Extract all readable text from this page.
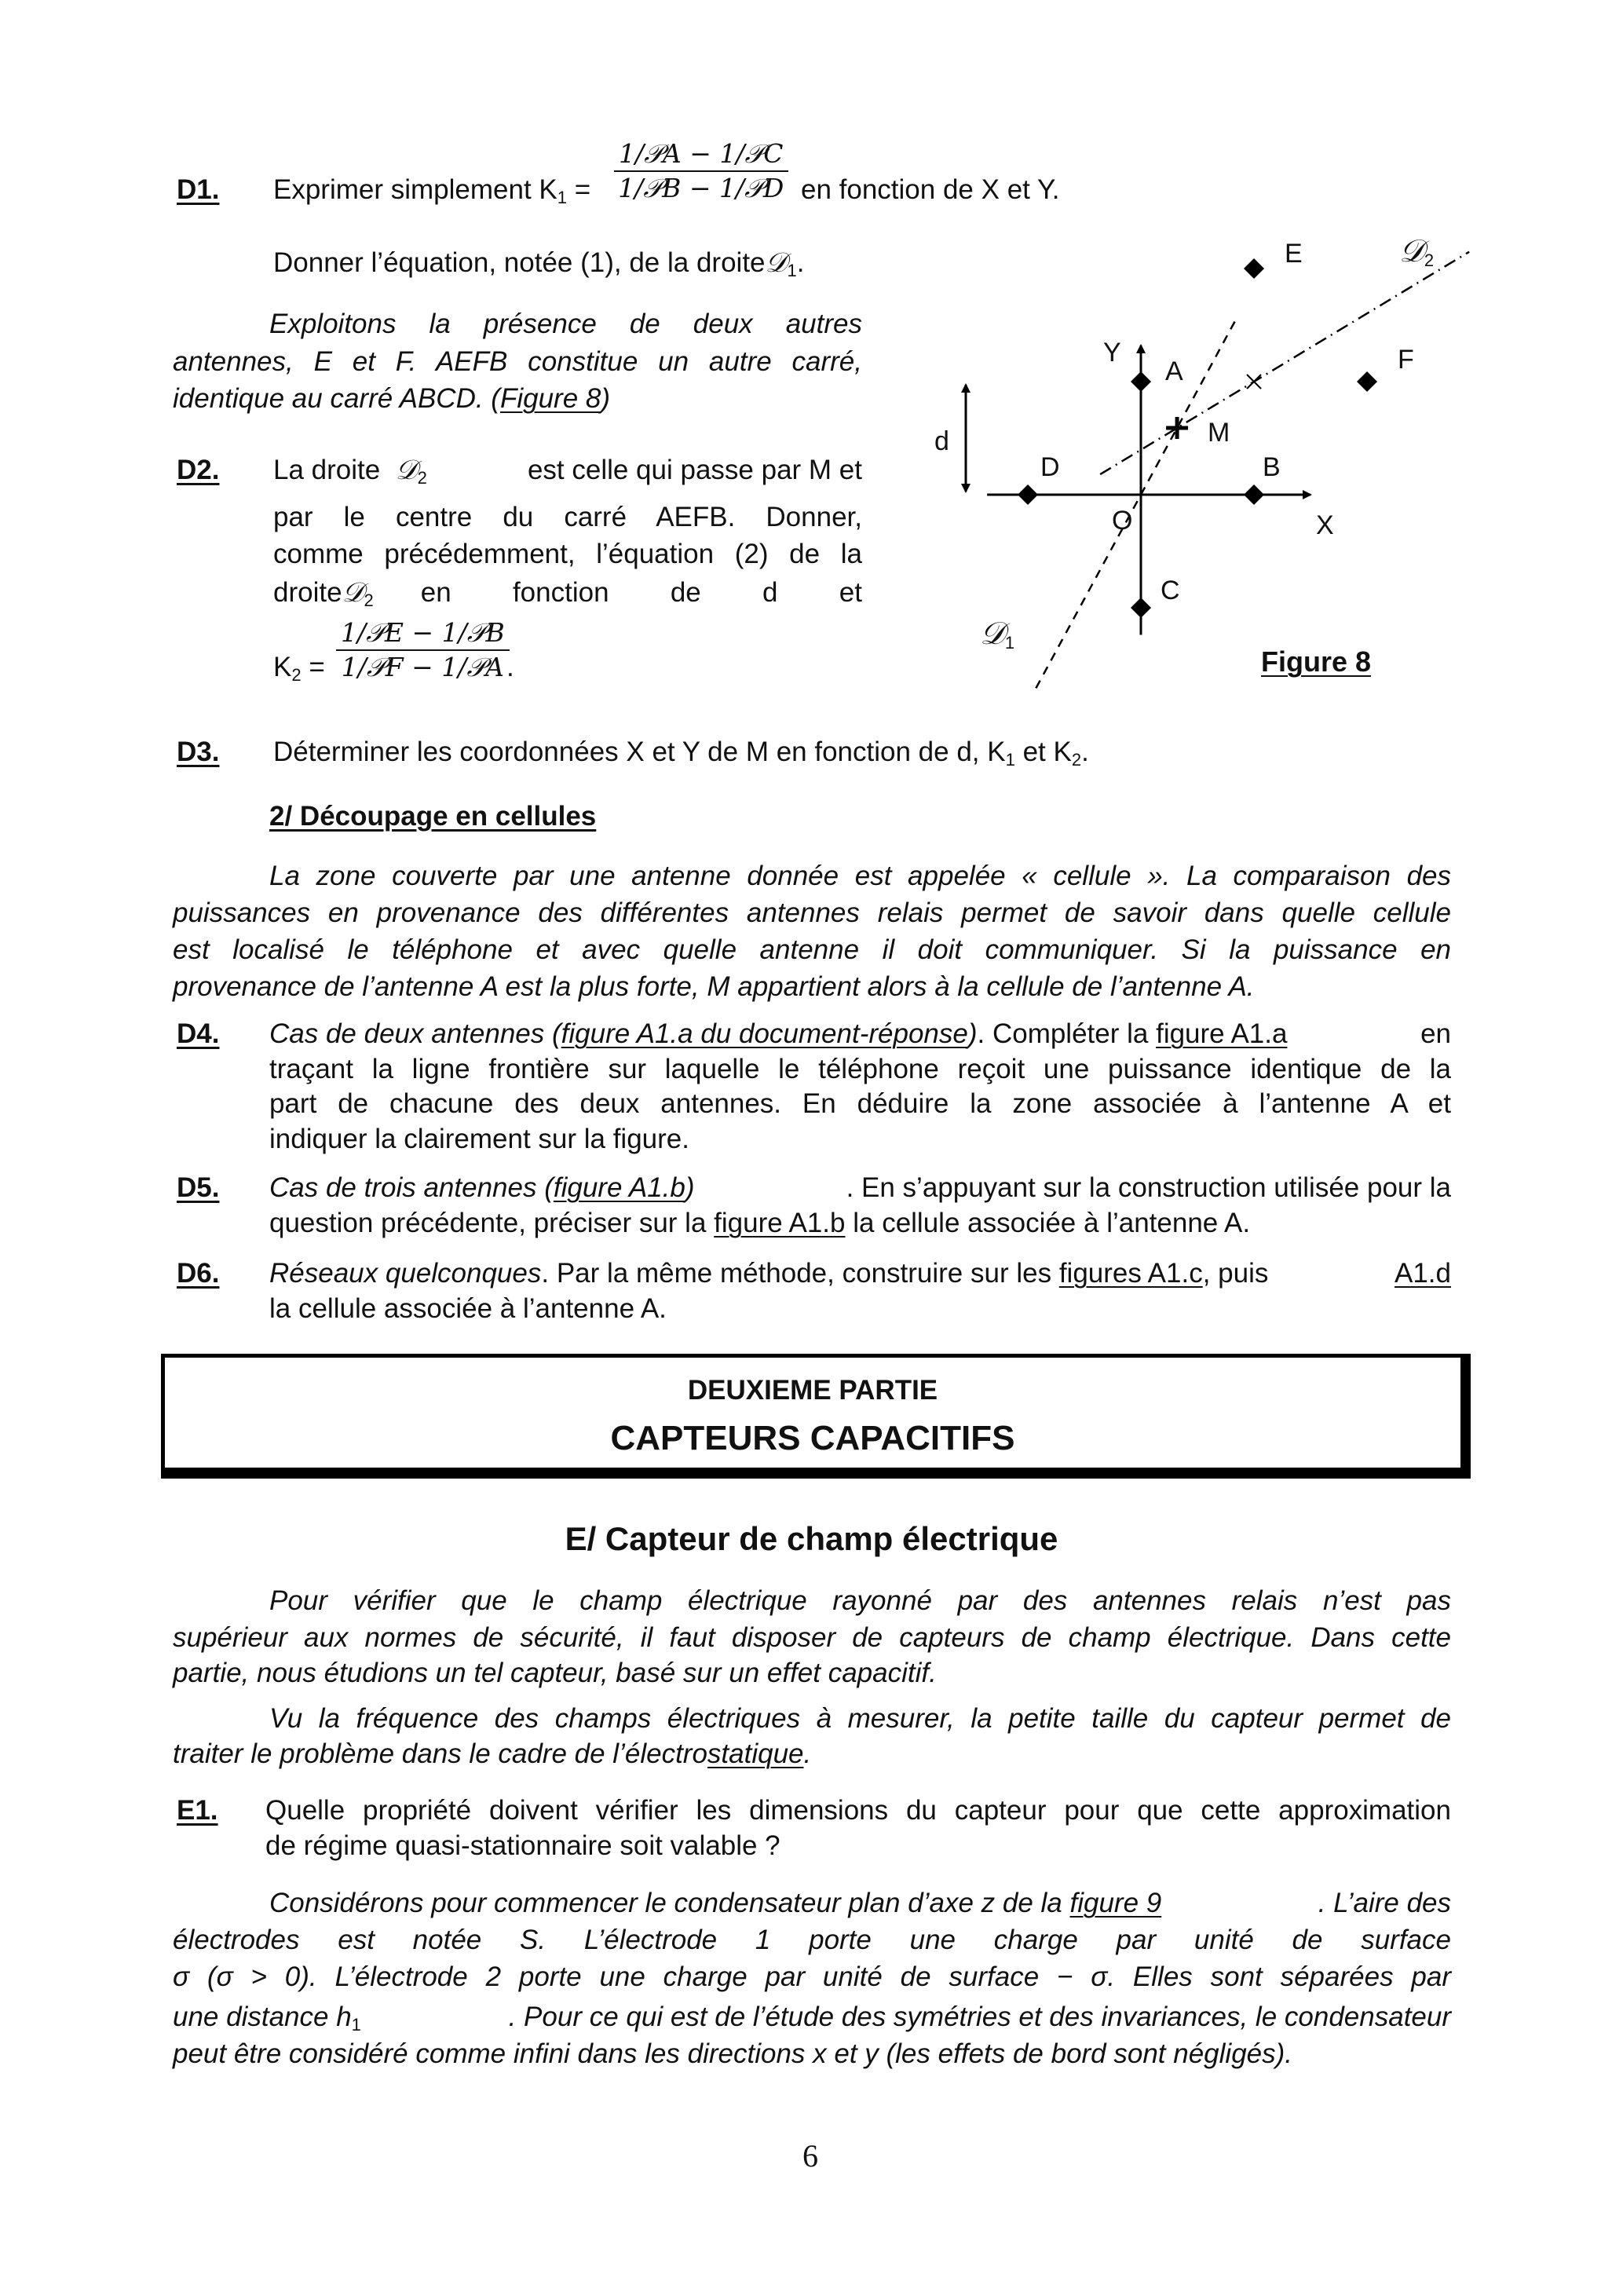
D1. Exprimer simplement $K_1$ =
1/𝒫A − 1/𝒫C
1/𝒫B − 1/𝒫D en fonction de X et Y.
Donner l’équation, notée (1), de la droite𝒟$_1$.
Exploitons la présence de deux autres
antennes, E et F. AEFB constitue un autre carré,
identique au carré ABCD. (Figure 8)
D2. La droite 𝒟$_2$	est celle qui passe par M et
par le centre du carré AEFB. Donner,
comme précédemment, l’équation (2) de la
droite𝒟$_2$ en fonction de d et
$K_2$ =
1/𝒫E − 1/𝒫B
1/𝒫F − 1/𝒫A .
D3. Déterminer les coordonnées X et Y de M en fonction de d, $K_1$ et $K_2$.
2/ Découpage en cellules
La zone couverte par une antenne donnée est appelée « cellule ». La comparaison des
puissances en provenance des différentes antennes relais permet de savoir dans quelle cellule
est localisé le téléphone et avec quelle antenne il doit communiquer. Si la puissance en
provenance de l’antenne A est la plus forte, M appartient alors à la cellule de l’antenne A.
D4. Cas de deux antennes (figure A1.a du document-réponse). Compléter la figure A1.a	en
traçant la ligne frontière sur laquelle le téléphone reçoit une puissance identique de la
part de chacune des deux antennes. En déduire la zone associée à l’antenne A et
indiquer la clairement sur la figure.
D5. Cas de trois antennes (figure A1.b)	. En s’appuyant sur la construction utilisée pour la
question précédente, préciser sur la figure A1.b la cellule associée à l’antenne A.
D6. Réseaux quelconques. Par la même méthode, construire sur les figures A1.c, puis	A1.d
la cellule associée à l’antenne A.
DEUXIEME PARTIE
CAPTEURS CAPACITIFS
E/ Capteur de champ électrique
Pour vérifier que le champ électrique rayonné par des antennes relais n’est pas
supérieur aux normes de sécurité, il faut disposer de capteurs de champ électrique. Dans cette
partie, nous étudions un tel capteur, basé sur un effet capacitif.
Vu la fréquence des champs électriques à mesurer, la petite taille du capteur permet de
traiter le problème dans le cadre de l’électrostatique.
E1. Quelle propriété doivent vérifier les dimensions du capteur pour que cette approximation
de régime quasi-stationnaire soit valable ?
Considérons pour commencer le condensateur plan d’axe z de la figure 9	. L’aire des
électrodes est notée S. L’électrode 1 porte une charge par unité de surface
σ (σ > 0). L’électrode 2 porte une charge par unité de surface − σ. Elles sont séparées par
une distance $h_1$	. Pour ce qui est de l’étude des symétries et des invariances, le condensateur
peut être considéré comme infini dans les directions x et y (les effets de bord sont négligés).
6
Y
X
A
B
C
D
E
F
M
O
d
𝒟$_1$
𝒟$_2$
Figure 8
